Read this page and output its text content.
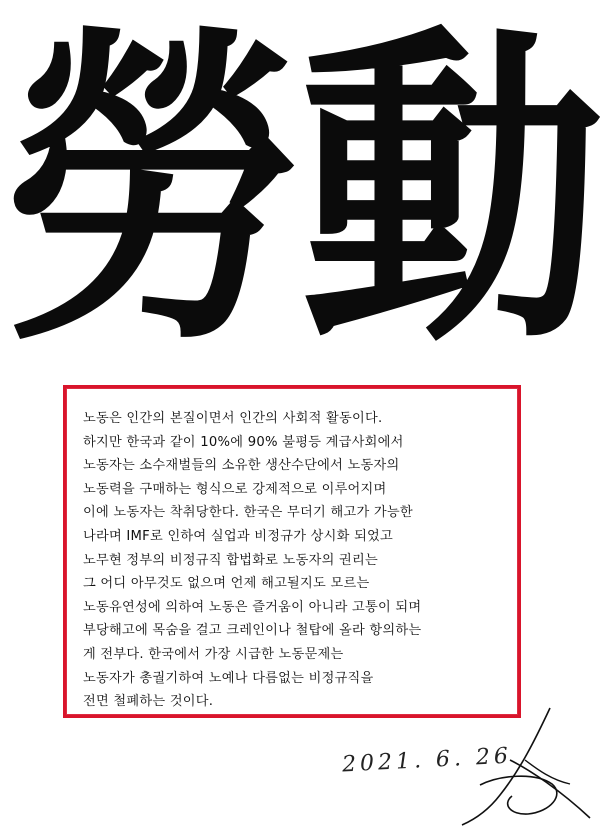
勞 動
노동은 인간의 본질이면서 인간의 사회적 활동이다.
하지만 한국과 같이 10%에 90% 불평등 계급사회에서
노동자는 소수재벌들의 소유한 생산수단에서 노동자의
노동력을 구매하는 형식으로 강제적으로 이루어지며
이에 노동자는 착취당한다. 한국은 무더기 해고가 가능한
나라며 IMF로 인하여 실업과 비정규가 상시화 되었고
노무현 정부의 비정규직 합법화로 노동자의 권리는
그 어디 아무것도 없으며 언제 해고될지도 모르는
노동유연성에 의하여 노동은 즐거움이 아니라 고통이 되며
부당해고에 목숨을 걸고 크레인이나 철탑에 올라 항의하는
게 전부다. 한국에서 가장 시급한 노동문제는
노동자가 총궐기하여 노예나 다름없는 비정규직을
전면 철폐하는 것이다.
2021. 6. 26
